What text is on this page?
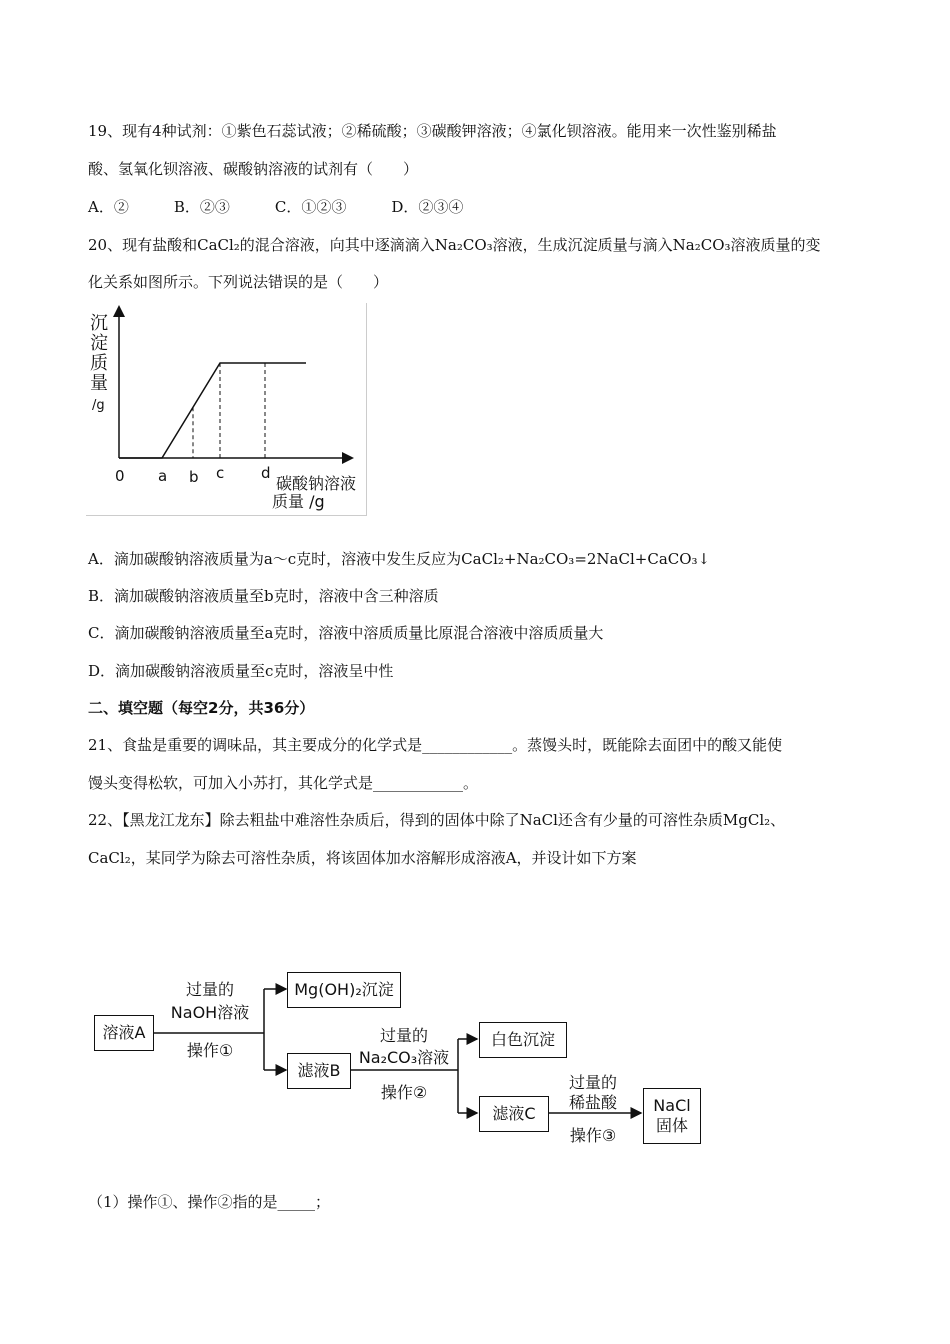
19、现有4种试剂：①紫色石蕊试液；②稀硫酸；③碳酸钾溶液；④氯化钡溶液。能用来一次性鉴别稀盐
酸、氢氧化钡溶液、碳酸钠溶液的试剂有（　　）
A．②　　　B．②③　　　C．①②③　　　D．②③④
20、现有盐酸和CaCl₂的混合溶液，向其中逐滴滴入Na₂CO₃溶液，生成沉淀质量与滴入Na₂CO₃溶液质量的变
化关系如图所示。下列说法错误的是（　　）
0 a b c d
沉
淀
质
量
/g
碳酸钠溶液
质量 /g
A．滴加碳酸钠溶液质量为a～c克时，溶液中发生反应为CaCl₂+Na₂CO₃=2NaCl+CaCO₃↓
B．滴加碳酸钠溶液质量至b克时，溶液中含三种溶质
C．滴加碳酸钠溶液质量至a克时，溶液中溶质质量比原混合溶液中溶质质量大
D．滴加碳酸钠溶液质量至c克时，溶液呈中性
二、填空题（每空2分，共36分）
21、食盐是重要的调味品，其主要成分的化学式是____________。蒸馒头时，既能除去面团中的酸又能使
馒头变得松软，可加入小苏打，其化学式是____________。
22、【黑龙江龙东】除去粗盐中难溶性杂质后，得到的固体中除了NaCl还含有少量的可溶性杂质MgCl₂、
CaCl₂，某同学为除去可溶性杂质，将该固体加水溶解形成溶液A，并设计如下方案
溶液A
Mg(OH)₂沉淀
滤液B
白色沉淀
滤液C	NaCl
固体
过量的
NaOH溶液
操作①
过量的
Na₂CO₃溶液
操作②
过量的
稀盐酸
操作③
（1）操作①、操作②指的是_____；
